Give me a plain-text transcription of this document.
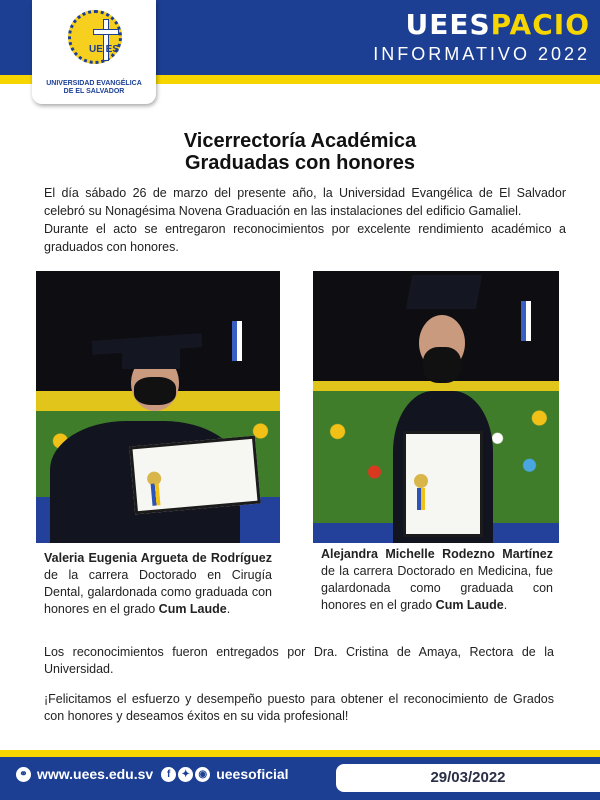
UE ES
UNIVERSIDAD EVANGÉLICA
DE EL SALVADOR
UEESPACIO
INFORMATIVO 2022
Vicerrectoría Académica
Graduadas con honores

El día sábado 26 de marzo del presente año, la Universidad Evangélica de El Salvador celebró su Nonagésima Novena Graduación en las instalaciones del edificio Gamaliel.

Durante el acto se entregaron reconocimientos por excelente rendimiento académico a graduados con honores.

Valeria Eugenia Argueta de Rodríguez de la carrera Doctorado en Cirugía Dental, galardonada como graduada con honores en el grado Cum Laude.
Alejandra Michelle Rodezno Martínez de la carrera Doctorado en Medicina, fue galardonada como graduada con honores en el grado Cum Laude.

Los reconocimientos fueron entregados por Dra. Cristina de Amaya, Rectora de la Universidad.

¡Felicitamos el esfuerzo y desempeño puesto para obtener el reconocimiento de Grados con honores y deseamos éxitos en su vida profesional!

⚭ www.uees.edu.sv	f	✦ ◉ ueesoficial	29/03/2022
